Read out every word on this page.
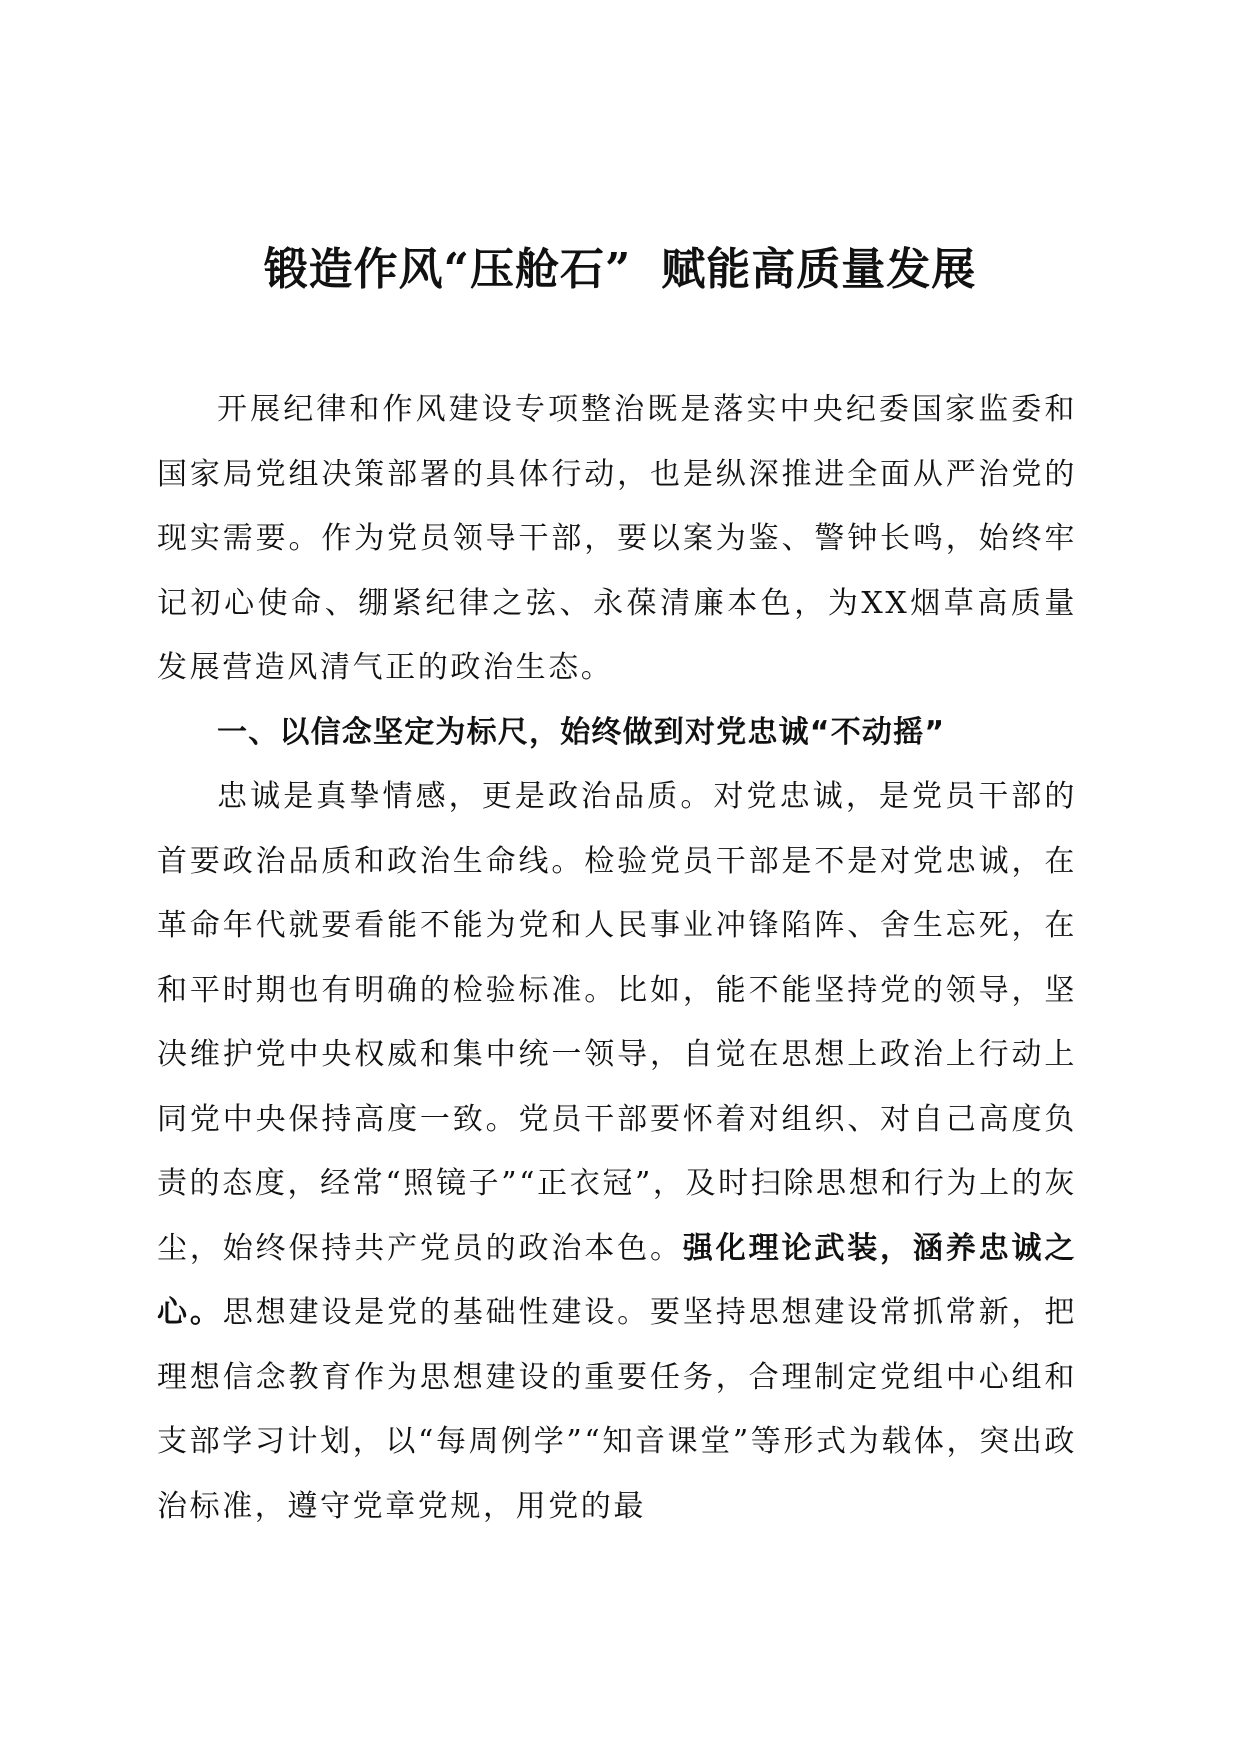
锻造作风“压舱石” 赋能高质量发展

开展纪律和作风建设专项整治既是落实中央纪委国家监委和国家局党组决策部署的具体行动，也是纵深推进全面从严治党的现实需要。作为党员领导干部，要以案为鉴、警钟长鸣，始终牢记初心使命、绷紧纪律之弦、永葆清廉本色，为XX烟草高质量发展营造风清气正的政治生态。

一、以信念坚定为标尺，始终做到对党忠诚“不动摇”

忠诚是真挚情感，更是政治品质。对党忠诚，是党员干部的首要政治品质和政治生命线。检验党员干部是不是对党忠诚，在革命年代就要看能不能为党和人民事业冲锋陷阵、舍生忘死，在和平时期也有明确的检验标准。比如，能不能坚持党的领导，坚决维护党中央权威和集中统一领导，自觉在思想上政治上行动上同党中央保持高度一致。党员干部要怀着对组织、对自己高度负责的态度，经常“照镜子”“正衣冠”，及时扫除思想和行为上的灰尘，始终保持共产党员的政治本色。强化理论武装，涵养忠诚之心。思想建设是党的基础性建设。要坚持思想建设常抓常新，把理想信念教育作为思想建设的重要任务，合理制定党组中心组和支部学习计划，以“每周例学”“知音课堂”等形式为载体，突出政治标准，遵守党章党规，用党的最
